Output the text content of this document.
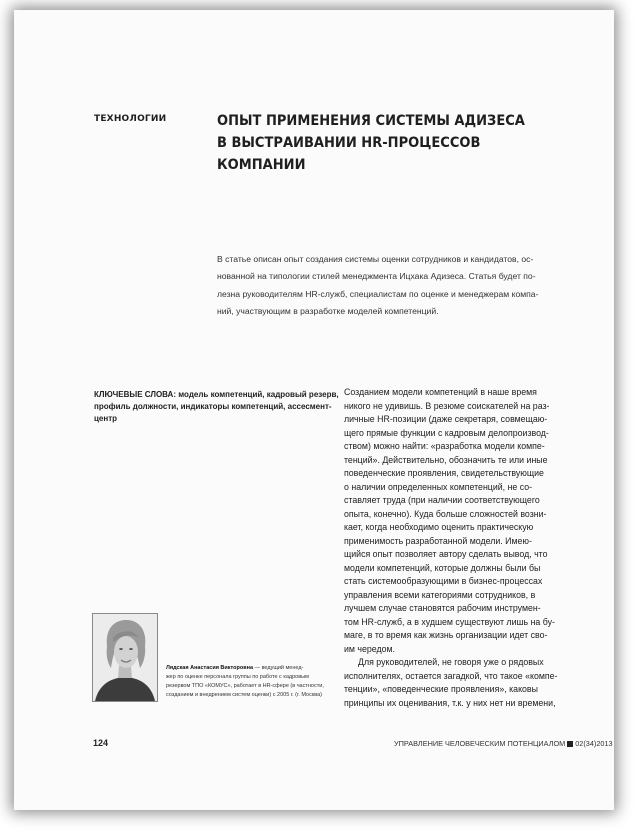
ТЕХНОЛОГИИ	ОПЫТ ПРИМЕНЕНИЯ СИСТЕМЫ АДИЗЕСА
В ВЫСТРАИВАНИИ HR-ПРОЦЕССОВ
КОМПАНИИ
В статье описан опыт создания системы оценки сотрудников и кандидатов, ос-
нованной на типологии стилей менеджмента Ицхака Адизеса. Статья будет по-
лезна руководителям HR-служб, специалистам по оценке и менеджерам компа-
ний, участвующим в разработке моделей компетенций.
КЛЮЧЕВЫЕ СЛОВА: модель компетенций, кадровый резерв,
профиль должности, индикаторы компетенций, ассесмент-
центр
Созданием модели компетенций в наше время
никого не удивишь. В резюме соискателей на раз-
личные HR-позиции (даже секретаря, совмещаю-
щего прямые функции с кадровым делопроизвод-
ством) можно найти: «разработка модели компе-
тенций». Действительно, обозначить те или иные
поведенческие проявления, свидетельствующие
о наличии определенных компетенций, не со-
ставляет труда (при наличии соответствующего
опыта, конечно). Куда больше сложностей возни-
кает, когда необходимо оценить практическую
применимость разработанной модели. Имею-
щийся опыт позволяет автору сделать вывод, что
модели компетенций, которые должны были бы
стать системообразующими в бизнес-процессах
управления всеми категориями сотрудников, в
лучшем случае становятся рабочим инструмен-
том HR-служб, а в худшем существуют лишь на бу-
маге, в то время как жизнь организации идет сво-
им чередом.
Для руководителей, не говоря уже о рядовых
исполнителях, остается загадкой, что такое «компе-
тенции», «поведенческие проявления», каковы
принципы их оценивания, т.к. у них нет ни времени,
Лядская Анастасия Викторовна — ведущий менед-
жер по оценке персонала группы по работе с кадровым
резервом ТПО «КОМУС», работает в HR-сфере (в частности,
созданием и внедрением систем оценки) с 2005 г. (г. Москва)
124	УПРАВЛЕНИЕ ЧЕЛОВЕЧЕСКИМ ПОТЕНЦИАЛОМ 02(34)2013
